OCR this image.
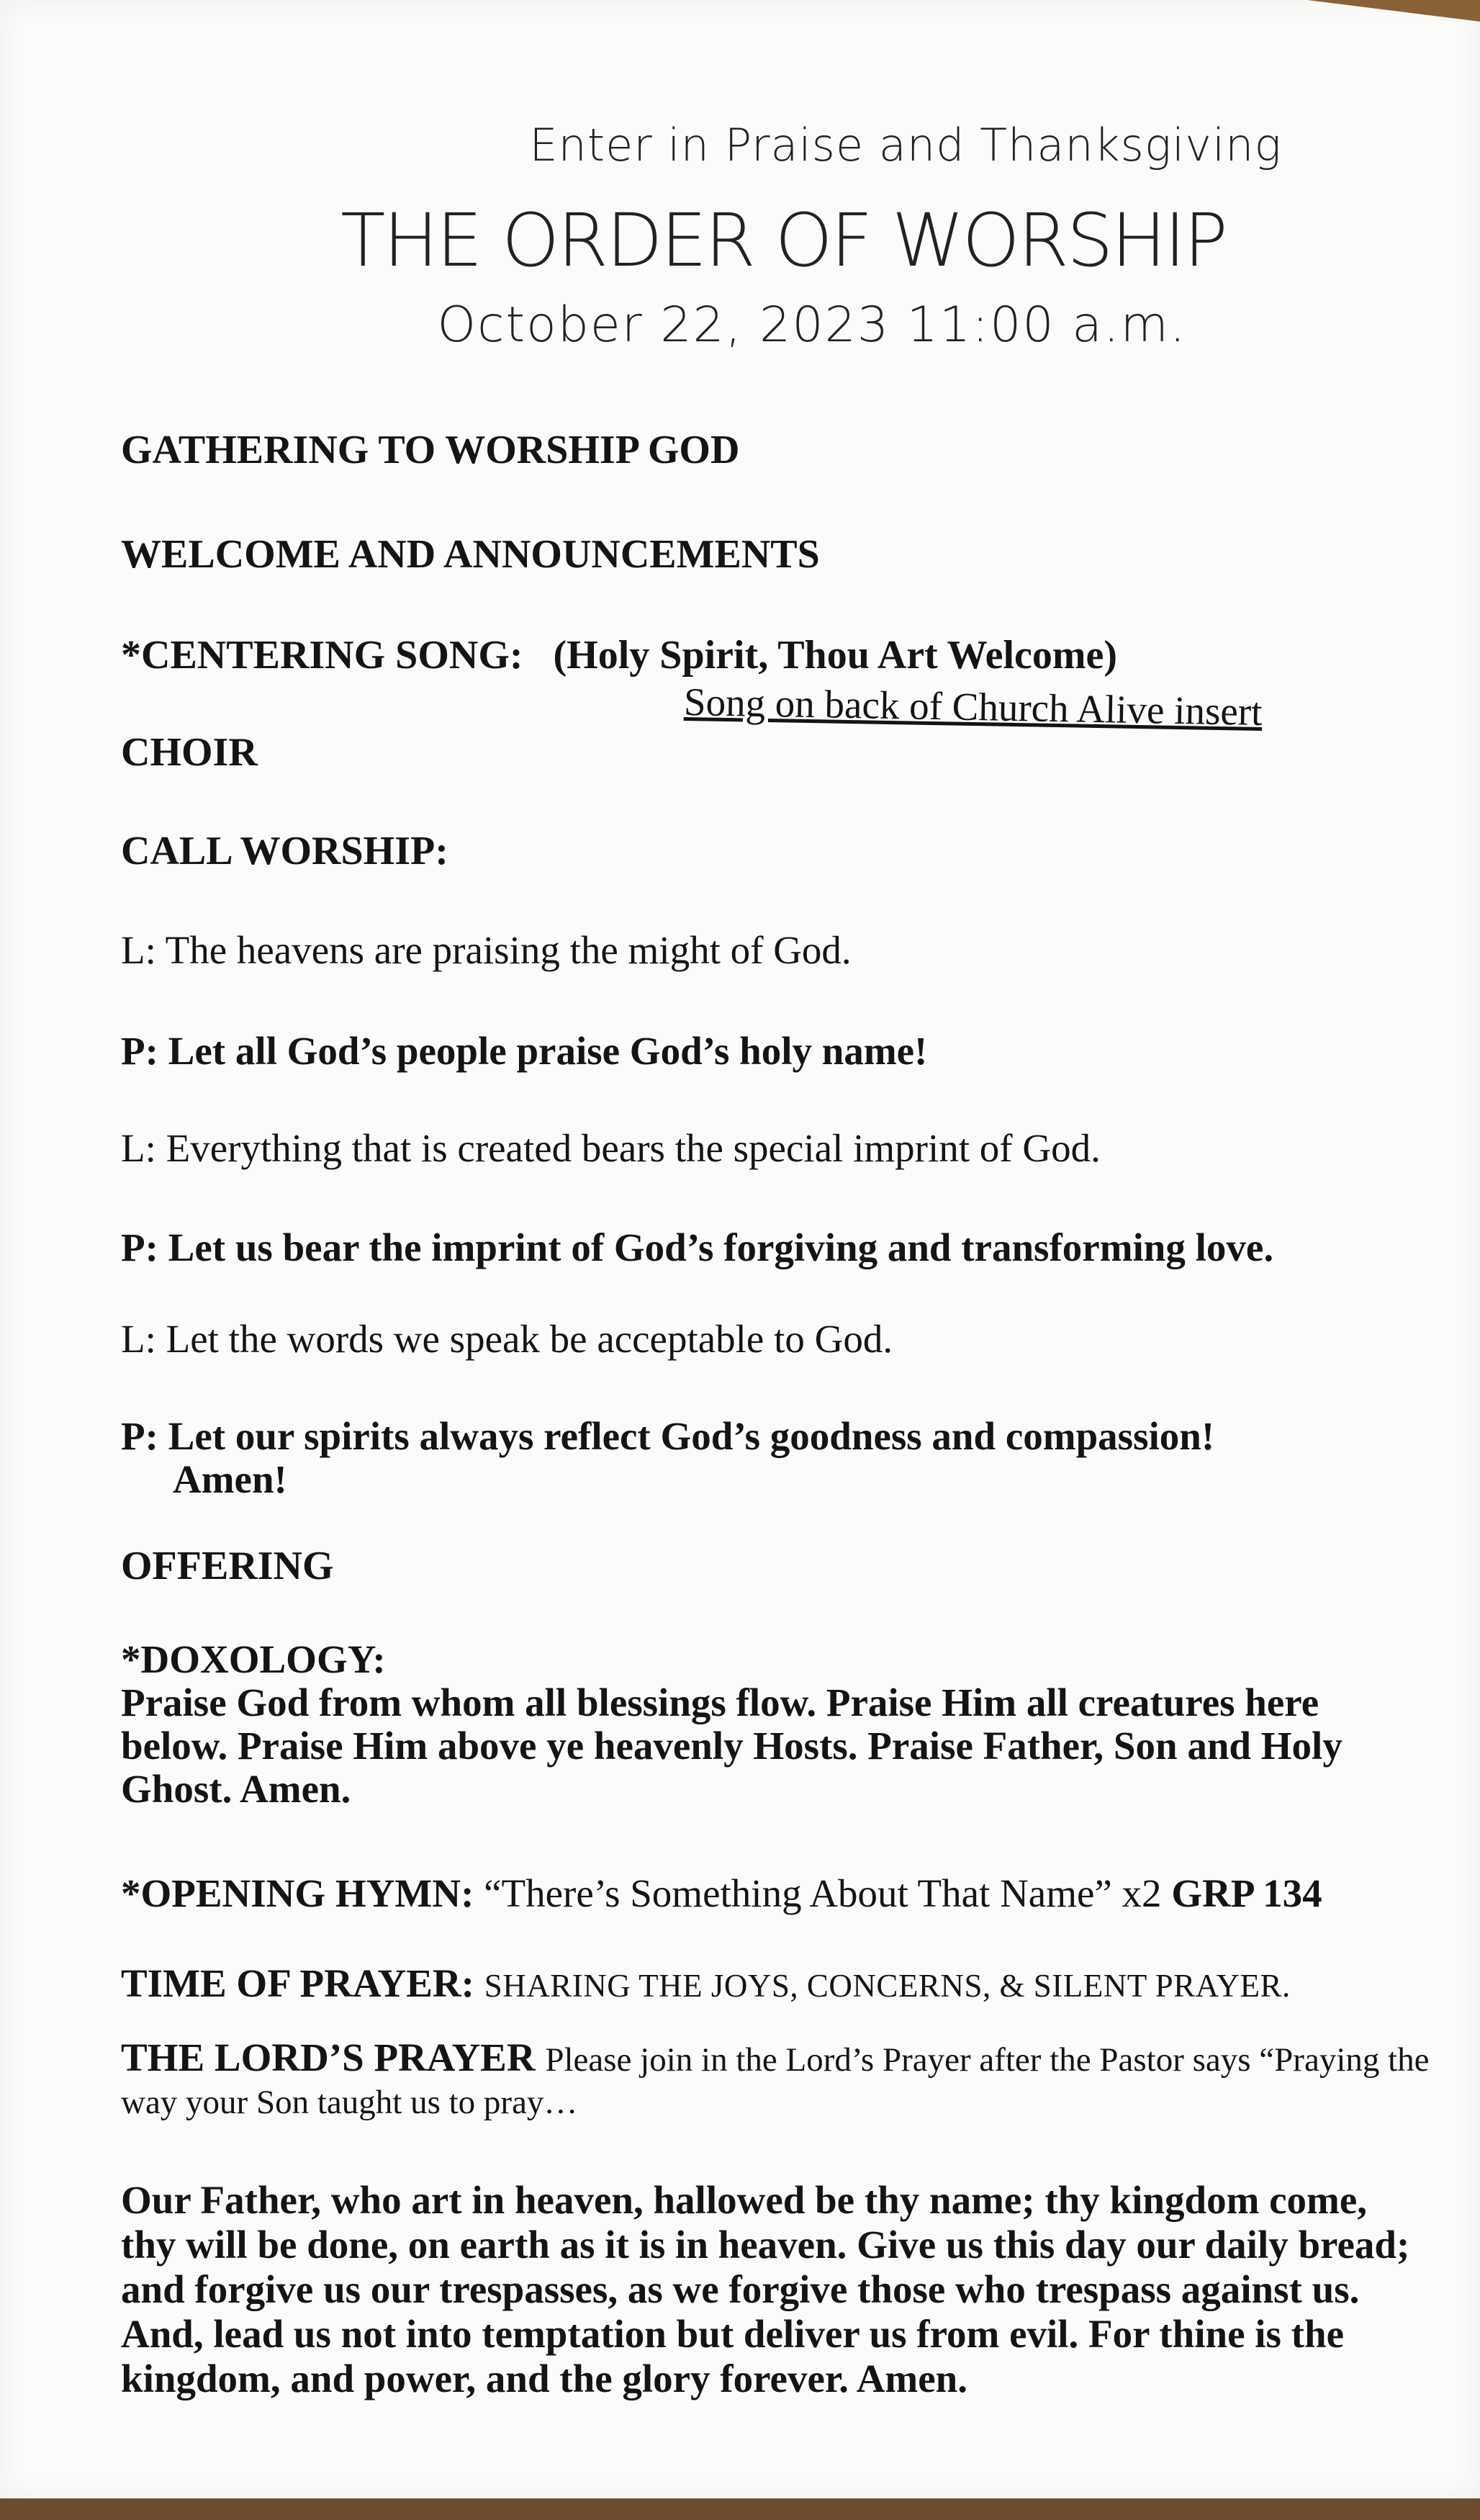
Enter in Praise and Thanksgiving
THE ORDER OF WORSHIP
October 22, 2023 11:00 a.m.
GATHERING TO WORSHIP GOD
WELCOME AND ANNOUNCEMENTS
*CENTERING SONG: (Holy Spirit, Thou Art Welcome)
Song on back of Church Alive insert
CHOIR
CALL WORSHIP:
L: The heavens are praising the might of God.
P: Let all God’s people praise God’s holy name!
L: Everything that is created bears the special imprint of God.
P: Let us bear the imprint of God’s forgiving and transforming love.
L: Let the words we speak be acceptable to God.
P: Let our spirits always reflect God’s goodness and compassion!
Amen!
OFFERING
*DOXOLOGY:
Praise God from whom all blessings flow. Praise Him all creatures here below. Praise Him above ye heavenly Hosts. Praise Father, Son and Holy Ghost. Amen.
*OPENING HYMN: “There’s Something About That Name” x2 GRP 134
TIME OF PRAYER: SHARING THE JOYS, CONCERNS, & SILENT PRAYER.
THE LORD’S PRAYER Please join in the Lord’s Prayer after the Pastor says “Praying the way your Son taught us to pray…
Our Father, who art in heaven, hallowed be thy name; thy kingdom come, thy will be done, on earth as it is in heaven. Give us this day our daily bread; and forgive us our trespasses, as we forgive those who trespass against us. And, lead us not into temptation but deliver us from evil. For thine is the kingdom, and power, and the glory forever. Amen.
